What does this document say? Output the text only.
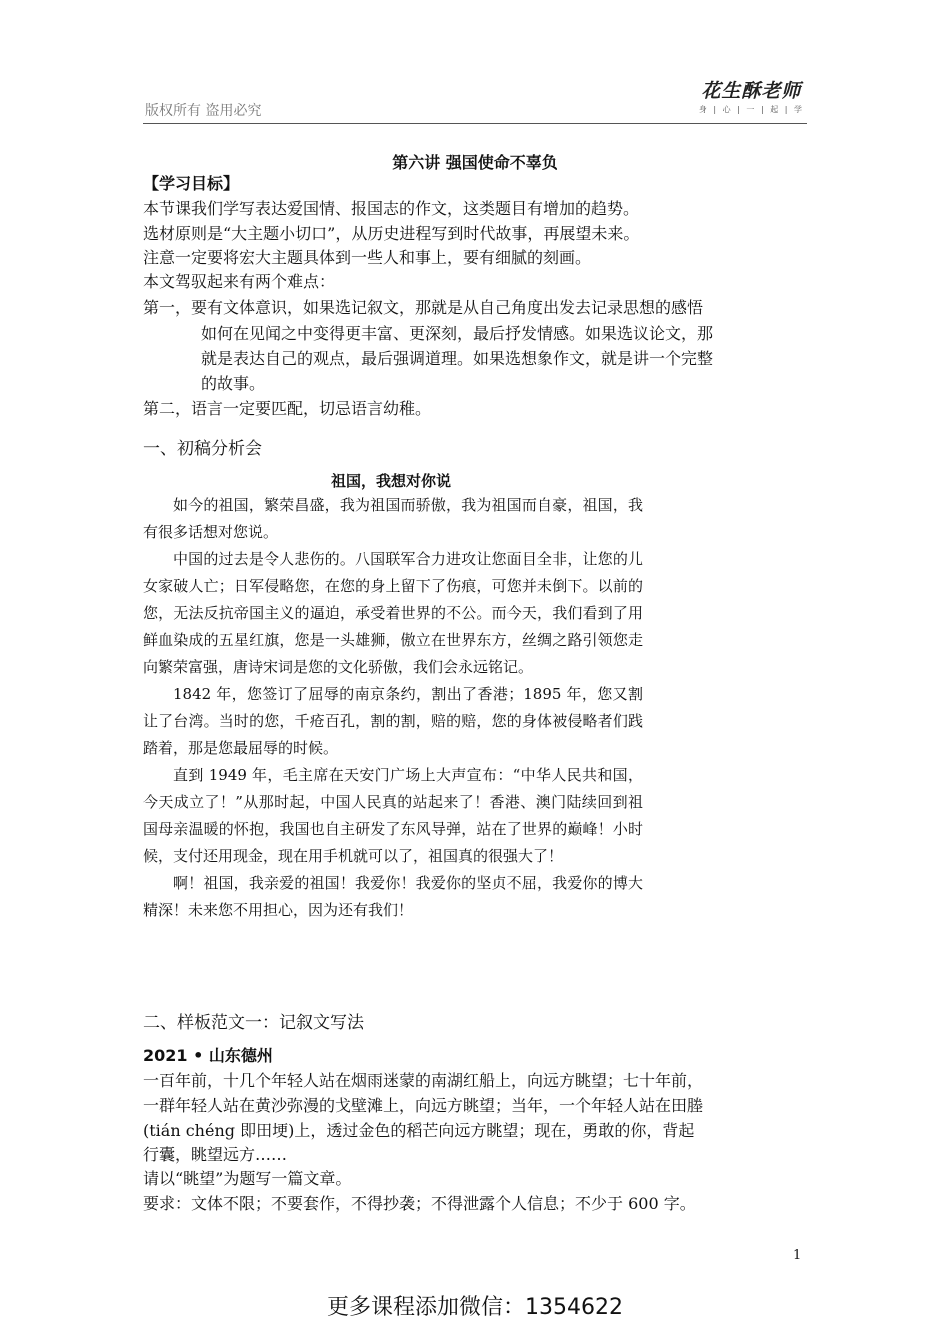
版权所有 盗用必究
花生酥老师
身 | 心 | 一 | 起 | 学
第六讲 强国使命不辜负
【学习目标】
本节课我们学写表达爱国情、报国志的作文，这类题目有增加的趋势。
选材原则是“大主题小切口”，从历史进程写到时代故事，再展望未来。
注意一定要将宏大主题具体到一些人和事上，要有细腻的刻画。
本文驾驭起来有两个难点：
第一，要有文体意识，如果选记叙文，那就是从自己角度出发去记录思想的感悟
如何在见闻之中变得更丰富、更深刻，最后抒发情感。如果选议论文，那
就是表达自己的观点，最后强调道理。如果选想象作文，就是讲一个完整
的故事。
第二，语言一定要匹配，切忌语言幼稚。
一、初稿分析会
祖国，我想对你说

如今的祖国，繁荣昌盛，我为祖国而骄傲，我为祖国而自豪，祖国，我有很多话想对您说。

中国的过去是令人悲伤的。八国联军合力进攻让您面目全非，让您的儿女家破人亡；日军侵略您，在您的身上留下了伤痕，可您并未倒下。以前的您，无法反抗帝国主义的逼迫，承受着世界的不公。而今天，我们看到了用鲜血染成的五星红旗，您是一头雄狮，傲立在世界东方，丝绸之路引领您走向繁荣富强，唐诗宋词是您的文化骄傲，我们会永远铭记。

1842 年，您签订了屈辱的南京条约，割出了香港；1895 年，您又割让了台湾。当时的您，千疮百孔，割的割，赔的赔，您的身体被侵略者们践踏着，那是您最屈辱的时候。

直到 1949 年，毛主席在天安门广场上大声宣布：“中华人民共和国，今天成立了！”从那时起，中国人民真的站起来了！香港、澳门陆续回到祖国母亲温暖的怀抱，我国也自主研发了东风导弹，站在了世界的巅峰！小时候，支付还用现金，现在用手机就可以了，祖国真的很强大了！

啊！祖国，我亲爱的祖国！我爱你！我爱你的坚贞不屈，我爱你的博大精深！未来您不用担心，因为还有我们！

二、样板范文一：记叙文写法
2021 • 山东德州
一百年前，十几个年轻人站在烟雨迷蒙的南湖红船上，向远方眺望；七十年前，
一群年轻人站在黄沙弥漫的戈壁滩上，向远方眺望；当年，一个年轻人站在田塍
(tián chéng 即田埂)上，透过金色的稻芒向远方眺望；现在，勇敢的你，背起
行囊，眺望远方……
请以“眺望”为题写一篇文章。
要求：文体不限；不要套作，不得抄袭；不得泄露个人信息；不少于 600 字。
1
更多课程添加微信：1354622
